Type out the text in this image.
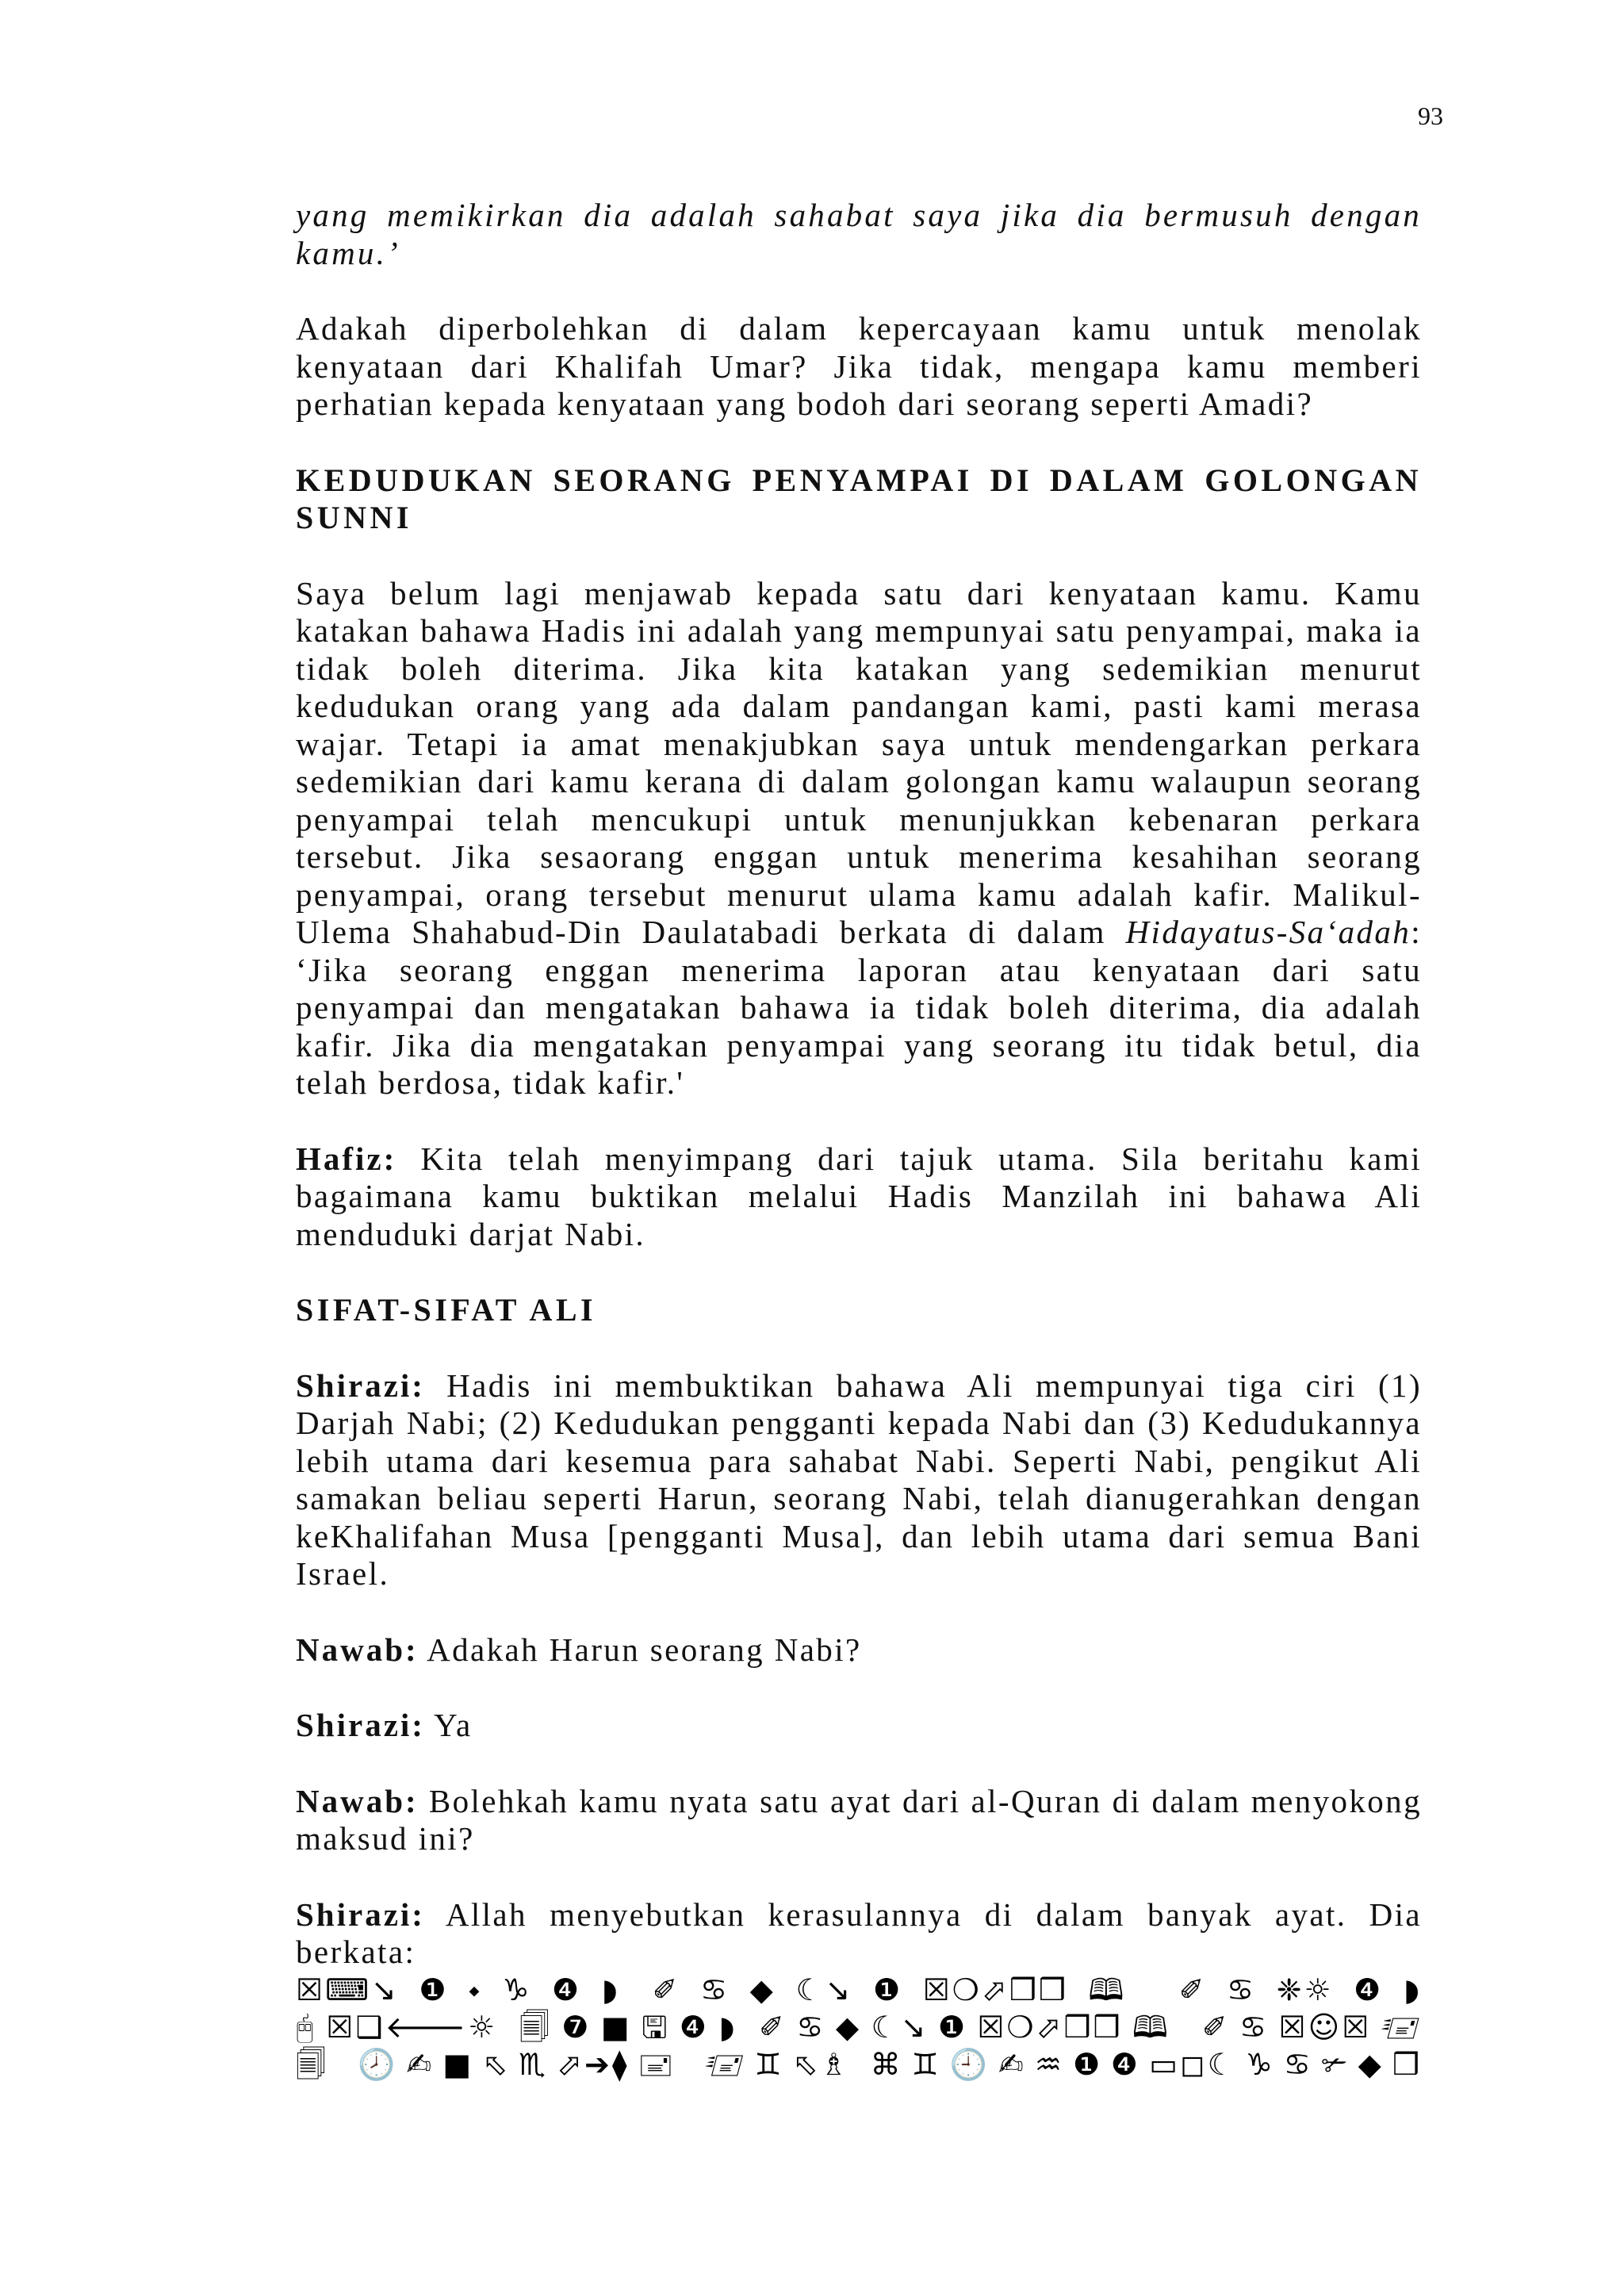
93

yang memikirkan dia adalah sahabat saya jika dia bermusuh dengan kamu.’

Adakah diperbolehkan di dalam kepercayaan kamu untuk menolak kenyataan dari Khalifah Umar? Jika tidak, mengapa kamu memberi perhatian kepada kenyataan yang bodoh dari seorang seperti Amadi?

KEDUDUKAN SEORANG PENYAMPAI DI DALAM GOLONGAN SUNNI

Saya belum lagi menjawab kepada satu dari kenyataan kamu. Kamu katakan bahawa Hadis ini adalah yang mempunyai satu penyampai, maka ia tidak boleh diterima. Jika kita katakan yang sedemikian menurut kedudukan orang yang ada dalam pandangan kami, pasti kami merasa wajar. Tetapi ia amat menakjubkan saya untuk mendengarkan perkara sedemikian dari kamu kerana di dalam golongan kamu walaupun seorang penyampai telah mencukupi untuk menunjukkan kebenaran perkara tersebut. Jika sesaorang enggan untuk menerima kesahihan seorang penyampai, orang tersebut menurut ulama kamu adalah kafir. Malikul-Ulema Shahabud-Din Daulatabadi berkata di dalam Hidayatus-Sa‘adah: ‘Jika seorang enggan menerima laporan atau kenyataan dari satu penyampai dan mengatakan bahawa ia tidak boleh diterima, dia adalah kafir. Jika dia mengatakan penyampai yang seorang itu tidak betul, dia telah berdosa, tidak kafir.'

Hafiz: Kita telah menyimpang dari tajuk utama. Sila beritahu kami bagaimana kamu buktikan melalui Hadis Manzilah ini bahawa Ali menduduki darjat Nabi.

SIFAT-SIFAT ALI

Shirazi: Hadis ini membuktikan bahawa Ali mempunyai tiga ciri (1) Darjah Nabi; (2) Kedudukan pengganti kepada Nabi dan (3) Kedudukannya lebih utama dari kesemua para sahabat Nabi. Seperti Nabi, pengikut Ali samakan beliau seperti Harun, seorang Nabi, telah dianugerahkan dengan keKhalifahan Musa [pengganti Musa], dan lebih utama dari semua Bani Israel.

Nawab: Adakah Harun seorang Nabi?

Shirazi: Ya

Nawab: Bolehkah kamu nyata satu ayat dari al-Quran di dalam menyokong maksud ini?

Shirazi: Allah menyebutkan kerasulannya di dalam banyak ayat. Dia berkata:

☒⌨↘❶⬩♑❹◗ ✐♋◆☾↘❶☒❍⬀❒❒🕮 ✐♋❈☼❹◗
🖰☒❑🡐☼ 🗐❼■🖫❹◗ ✐♋◆☾↘❶☒❍⬀❒❒🕮 ✐♋☒☺☒🖅
🗐 🕗✍■⬁♏⬀➔⧫🖃 🖅♊⬁♗ ⌘♊🕘✍♒❶❹▭◻☾♑♋✃◆❒
